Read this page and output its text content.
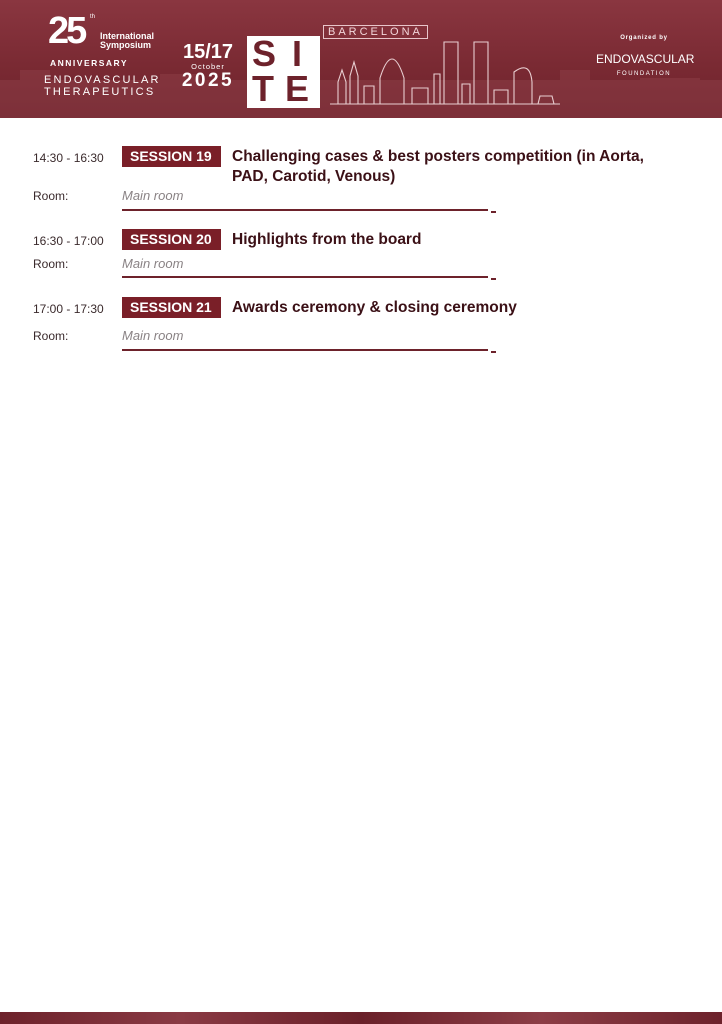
25 th
International
Symposium
ANNIVERSARY
ENDOVASCULAR
THERAPEUTICS
15/17
October
2025
S I
T E
BARCELONA	Organized by
ENDOVASCULAR
FOUNDATION
14:30 - 16:30	SESSION 19	Challenging cases & best posters competition (in Aorta, PAD, Carotid, Venous)
Room:	Main room
16:30 - 17:00	SESSION 20	Highlights from the board
Room:	Main room
17:00 - 17:30	SESSION 21	Awards ceremony & closing ceremony
Room:	Main room
